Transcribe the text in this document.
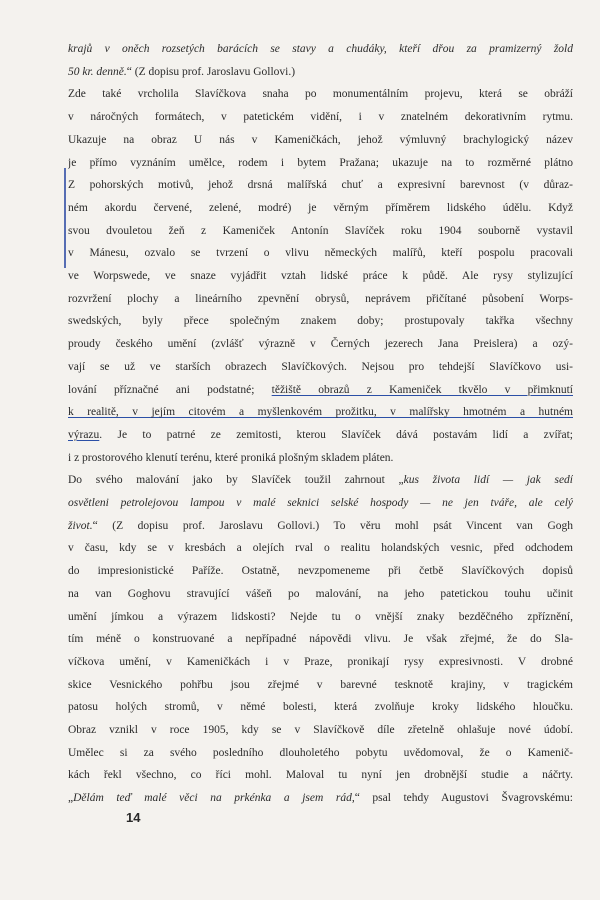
krajů v oněch rozsetých barácích se stavy a chudáky, kteří dřou za pramizerný žold
50 kr. denně.“ (Z dopisu prof. Jaroslavu Gollovi.)
Zde také vrcholila Slavíčkova snaha po monumentálním projevu, která se obráží
v náročných formátech, v patetickém vidění, i v znatelném dekorativním rytmu.
Ukazuje na obraz U nás v Kameničkách, jehož výmluvný brachylogický název
je přímo vyznáním umělce, rodem i bytem Pražana; ukazuje na to rozměrné plátno
Z pohorských motivů, jehož drsná malířská chuť a expresivní barevnost (v důraz-
ném akordu červené, zelené, modré) je věrným příměrem lidského údělu. Když
svou dvouletou žeň z Kameniček Antonín Slavíček roku 1904 souborně vystavil
v Mánesu, ozvalo se tvrzení o vlivu německých malířů, kteří pospolu pracovali
ve Worpswede, ve snaze vyjádřit vztah lidské práce k půdě. Ale rysy stylizující
rozvržení plochy a lineárního zpevnění obrysů, neprávem přičítané působení Worps-
swedských, byly přece společným znakem doby; prostupovaly takřka všechny
proudy českého umění (zvlášť výrazně v Černých jezerech Jana Preislera) a ozý-
vají se už ve starších obrazech Slavíčkových. Nejsou pro tehdejší Slavíčkovo usi-
lování příznačné ani podstatné; těžiště obrazů z Kameniček tkvělo v přimknutí
k realitě, v jejím citovém a myšlenkovém prožitku, v malířsky hmotném a hutném
výrazu. Je to patrné ze zemitosti, kterou Slavíček dává postavám lidí a zvířat;
i z prostorového klenutí terénu, které proniká plošným skladem pláten.
Do svého malování jako by Slavíček toužil zahrnout „kus života lidí — jak sedí
osvětleni petrolejovou lampou v malé seknici selské hospody — ne jen tváře, ale celý
život.“ (Z dopisu prof. Jaroslavu Gollovi.) To věru mohl psát Vincent van Gogh
v času, kdy se v kresbách a olejích rval o realitu holandských vesnic, před odchodem
do impresionistické Paříže. Ostatně, nevzpomeneme při četbě Slavíčkových dopisů
na van Goghovu stravující vášeň po malování, na jeho patetickou touhu učinit
umění jímkou a výrazem lidskosti? Nejde tu o vnější znaky bezděčného zpříznění,
tím méně o konstruované a nepřípadné nápovědi vlivu. Je však zřejmé, že do Sla-
víčkova umění, v Kameničkách i v Praze, pronikají rysy expresivnosti. V drobné
skice Vesnického pohřbu jsou zřejmé v barevné tesknotě krajiny, v tragickém
patosu holých stromů, v němé bolesti, která zvolňuje kroky lidského hloučku.
Obraz vznikl v roce 1905, kdy se v Slavíčkově díle zřetelně ohlašuje nové údobí.
Umělec si za svého posledního dlouholetého pobytu uvědomoval, že o Kamenič-
kách řekl všechno, co říci mohl. Maloval tu nyní jen drobnější studie a náčrty.
„Dělám teď malé věci na prkénka a jsem rád,“ psal tehdy Augustovi Švagrovskému:
14
